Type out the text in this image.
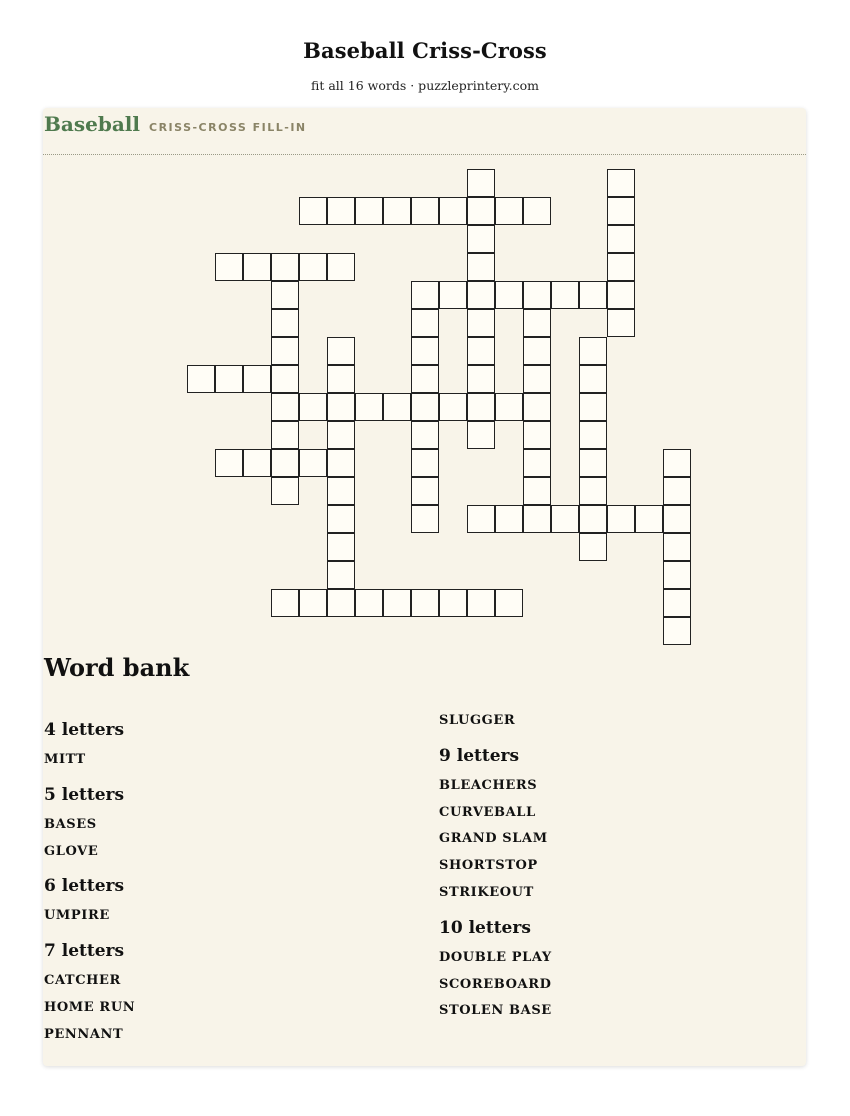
Baseball Criss-Cross
fit all 16 words · puzzleprintery.com
Baseball CRISS-CROSS FILL-IN
Word bank
4 letters
MITT
5 letters
BASES
GLOVE
6 letters
UMPIRE
7 letters
CATCHER
HOME RUN
PENNANT
SLUGGER
9 letters
BLEACHERS
CURVEBALL
GRAND SLAM
SHORTSTOP
STRIKEOUT
10 letters
DOUBLE PLAY
SCOREBOARD
STOLEN BASE
